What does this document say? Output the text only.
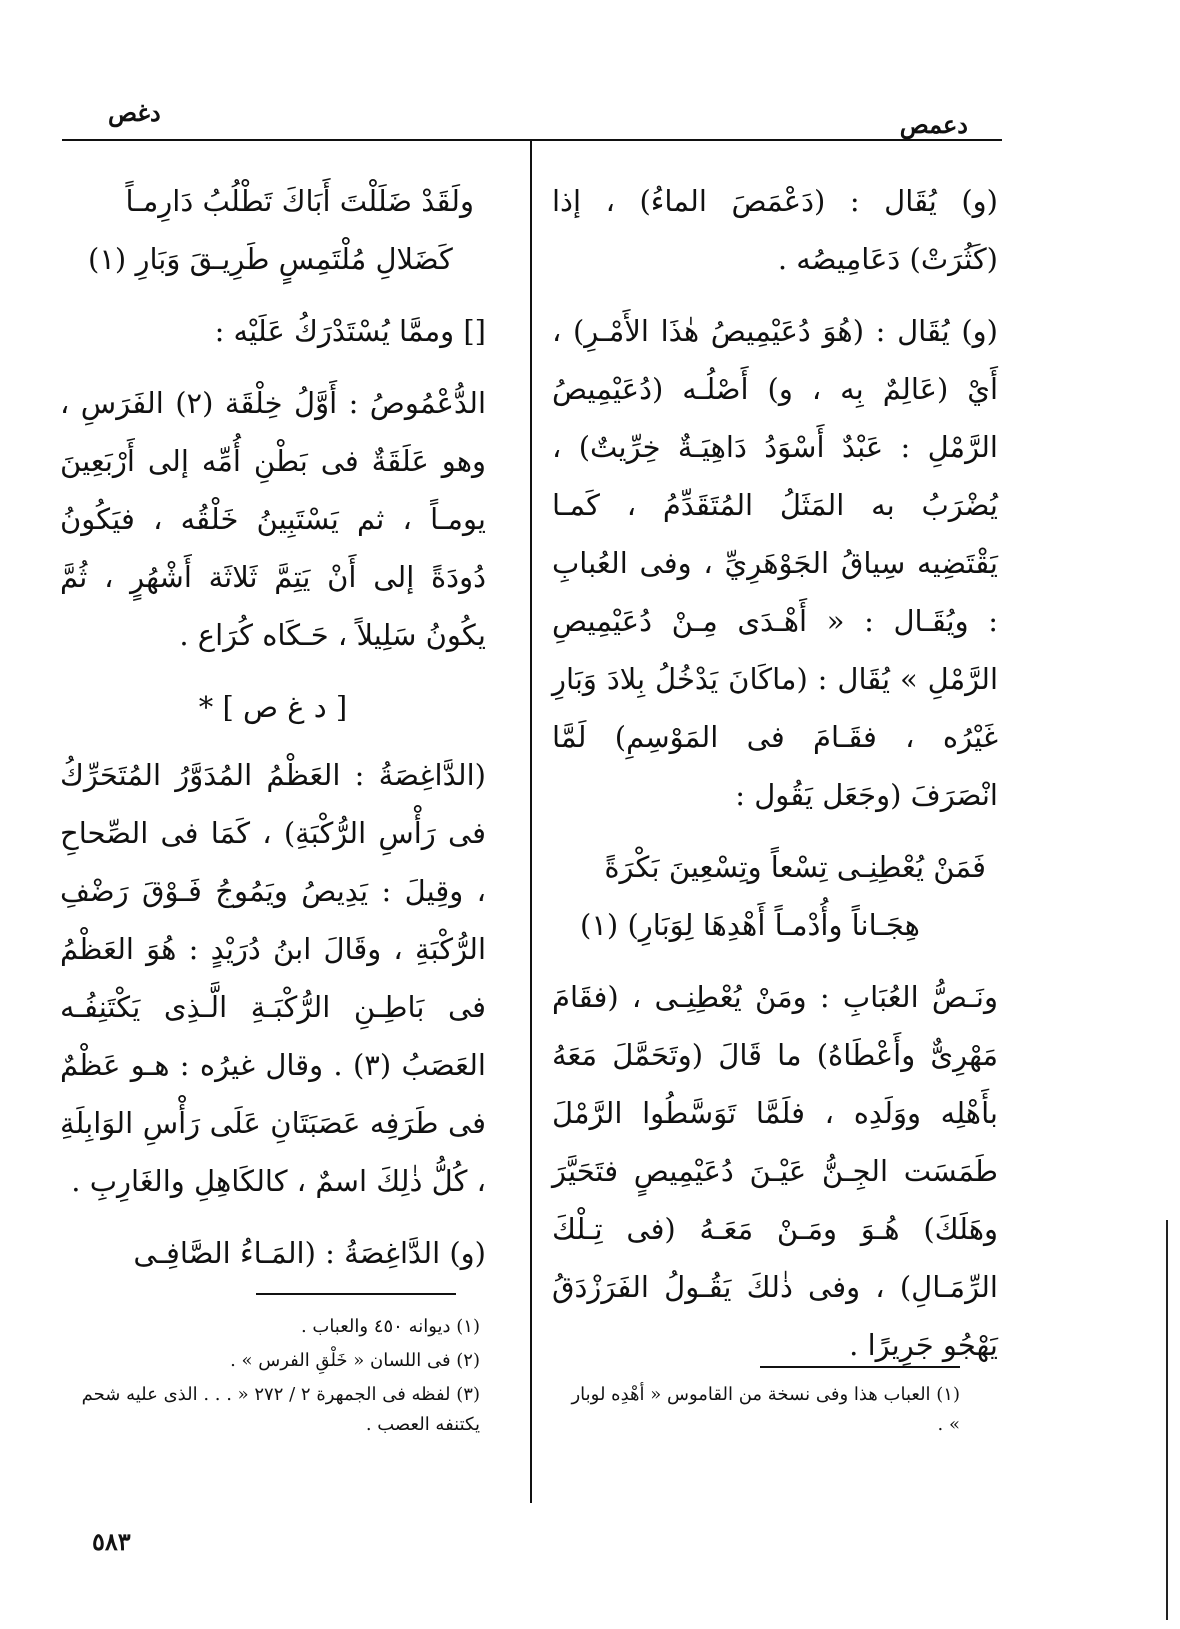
دعمص
دغص

(و) يُقَال : (دَعْمَصَ الماءُ) ، إذا (كَثُرَتْ) دَعَامِيصُه .

(و) يُقَال : (هُوَ دُعَيْمِيصُ هٰذَا الأَمْـرِ) ، أَيْ (عَالِمٌ بِه ، و) أَصْلُـه (دُعَيْمِيصُ الرَّمْلِ : عَبْدٌ أَسْوَدُ دَاهِيَـةٌ خِرِّيتٌ) ، يُضْرَبُ به المَثَلُ المُتَقَدِّمُ ، كَمـا يَقْتَضِيه سِياقُ الجَوْهَرِيِّ ، وفى العُبابِ : ويُقَـال : « أَهْـدَى مِـنْ دُعَيْمِيصِ الرَّمْلِ » يُقَال : (ماكَانَ يَدْخُلُ بِلادَ وَبَارِ غَيْرُه ، فقَـامَ فى المَوْسِمِ) لَمَّا انْصَرَفَ (وجَعَل يَقُول :

فَمَنْ يُعْطِنِـى تِسْعاً وتِسْعِينَ بَكْرَةً

هِجَـاناً وأُدْمـاً أَهْدِهَا لِوَبَارِ) (١)

ونَـصُّ العُبَابِ : ومَنْ يُعْطِنِـى ، (فقَامَ مَهْرِىٌّ وأَعْطَاهُ) ما قَالَ (وتَحَمَّلَ مَعَهُ بأَهْلِه ووَلَدِه ، فلَمَّا تَوَسَّطُوا الرَّمْلَ طَمَسَت الجِـنُّ عَيْـنَ دُعَيْمِيصٍ فتَحَيَّرَ وهَلَكَ) هُـوَ ومَـنْ مَعَـهُ (فى تِـلْكَ الرِّمَـالِ) ، وفى ذٰلكَ يَقُـولُ الفَرَزْدَقُ يَهْجُو جَرِيرًا .

(١) العباب هذا وفى نسخة من القاموس « أهْدِه لوبار » .

ولَقَدْ ضَلَلْتَ أَبَاكَ تَطْلُبُ دَارِمـاً

كَضَلالِ مُلْتَمِسٍ طَرِيـقَ وَبَارِ (١)

[] وممَّا يُسْتَدْرَكُ عَلَيْه :

الدُّعْمُوصُ : أَوَّلُ خِلْقَة (٢) الفَرَسِ ، وهو عَلَقَةٌ فى بَطْنِ أُمِّه إلى أَرْبَعِينَ يومـاً ، ثم يَسْتَبِينُ خَلْقُه ، فيَكُونُ دُودَةً إلى أَنْ يَتِمَّ ثَلاثَة أَشْهُرٍ ، ثُمَّ يكُونُ سَلِيلاً ، حَـكَاه كُرَاع .

[ د غ ص ] *

(الدَّاغِصَةُ : العَظْمُ المُدَوَّرُ المُتَحَرِّكُ فى رَأْسِ الرُّكْبَةِ) ، كَمَا فى الصِّحاحِ ، وقِيلَ : يَدِيصُ ويَمُوجُ فَـوْقَ رَضْفِ الرُّكْبَةِ ، وقَالَ ابنُ دُرَيْدٍ : هُوَ العَظْمُ فى بَاطِـنِ الرُّكْبَـةِ الَّـذِى يَكْتَنِفُـه العَصَبُ (٣) . وقال غيرُه : هـو عَظْمٌ فى طَرَفِه عَصَبَتَانِ عَلَى رَأْسِ الوَابِلَةِ ، كُلُّ ذٰلِكَ اسمٌ ، كالكَاهِلِ والغَارِبِ .

(و) الدَّاغِصَةُ : (المَـاءُ الصَّافِـى

(١) ديوانه ٤٥٠ والعباب .

(٢) فى اللسان « خَلْقِ الفرس » .

(٣) لفظه فى الجمهرة ٢ / ٢٧٢ « . . . الذى عليه شحم يكتنفه العصب .

٥٨٣
